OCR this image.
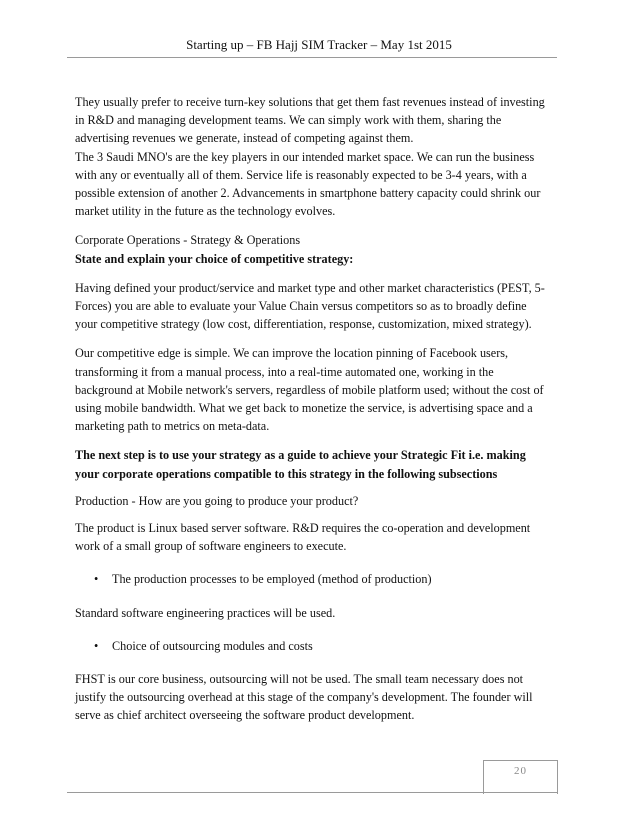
Starting up – FB Hajj SIM Tracker – May 1st 2015

They usually prefer to receive turn-key solutions that get them fast revenues instead of investing
in R&D and managing development teams. We can simply work with them, sharing the
advertising revenues we generate, instead of competing against them.

The 3 Saudi MNO's are the key players in our intended market space. We can run the business
with any or eventually all of them. Service life is reasonably expected to be 3-4 years, with a
possible extension of another 2. Advancements in smartphone battery capacity could shrink our
market utility in the future as the technology evolves.

Corporate Operations - Strategy & Operations

State and explain your choice of competitive strategy:

Having defined your product/service and market type and other market characteristics (PEST, 5-
Forces) you are able to evaluate your Value Chain versus competitors so as to broadly define
your competitive strategy (low cost, differentiation, response, customization, mixed strategy).

Our competitive edge is simple. We can improve the location pinning of Facebook users,
transforming it from a manual process, into a real-time automated one, working in the
background at Mobile network's servers, regardless of mobile platform used; without the cost of
using mobile bandwidth. What we get back to monetize the service, is advertising space and a
marketing path to metrics on meta-data.

The next step is to use your strategy as a guide to achieve your Strategic Fit i.e. making
your corporate operations compatible to this strategy in the following subsections

Production - How are you going to produce your product?

The product is Linux based server software. R&D requires the co-operation and development
work of a small group of software engineers to execute.

•	The production processes to be employed (method of production)

Standard software engineering practices will be used.

•	Choice of outsourcing modules and costs

FHST is our core business, outsourcing will not be used. The small team necessary does not
justify the outsourcing overhead at this stage of the company's development. The founder will
serve as chief architect overseeing the software product development.

20
